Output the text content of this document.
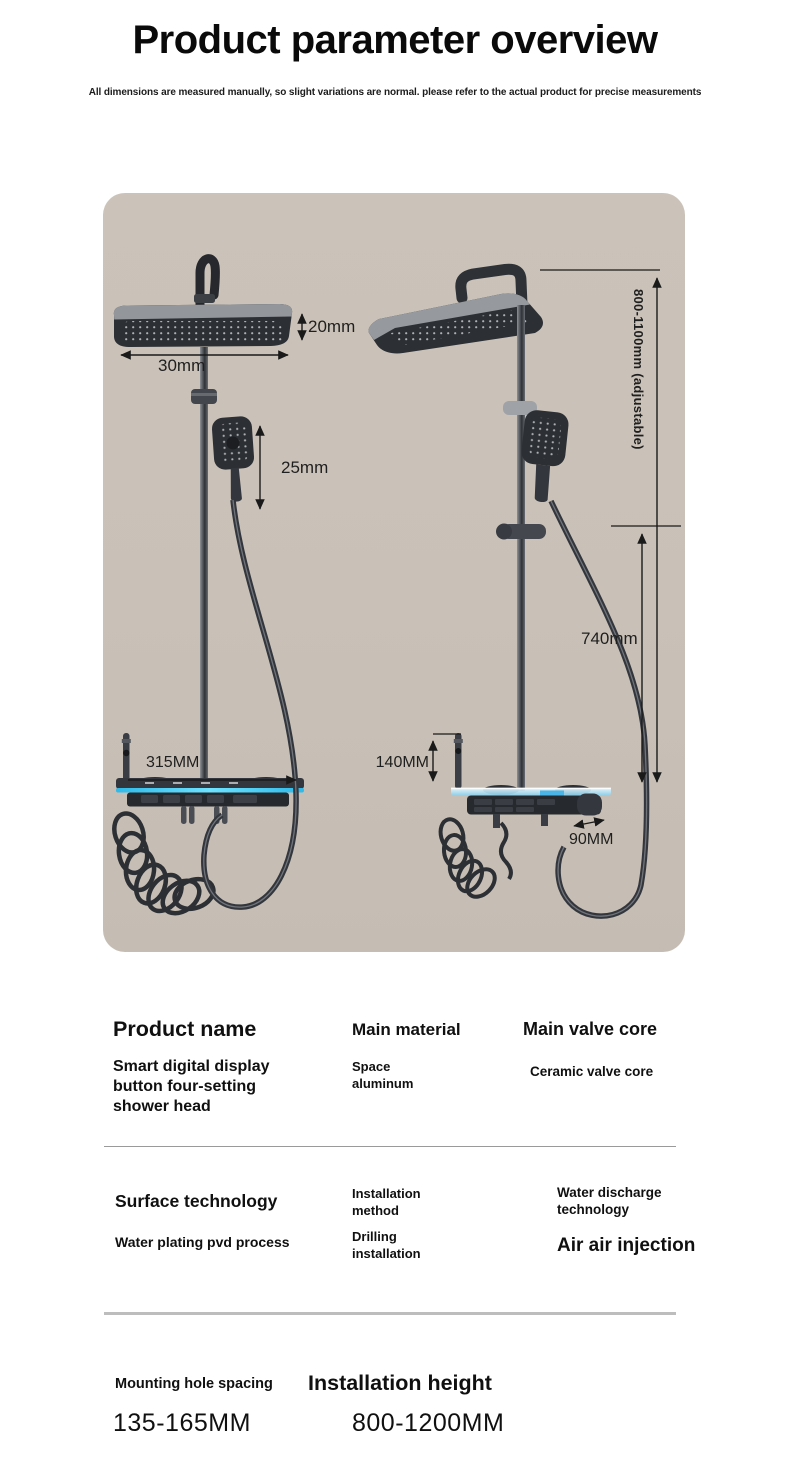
Product parameter overview
All dimensions are measured manually, so slight variations are normal. please refer to the actual product for precise measurements
20mm
30mm
25mm
315MM
800-1100mm (adjustable)
740mm
140MM
90MM
Product name
Smart digital display button four-setting shower head
Main material
Space aluminum
Main valve core
Ceramic valve core
Surface technology
Water plating pvd process
Installation method
Drilling installation
Water discharge technology
Air air injection
Mounting hole spacing
135-165MM
Installation height
800-1200MM
